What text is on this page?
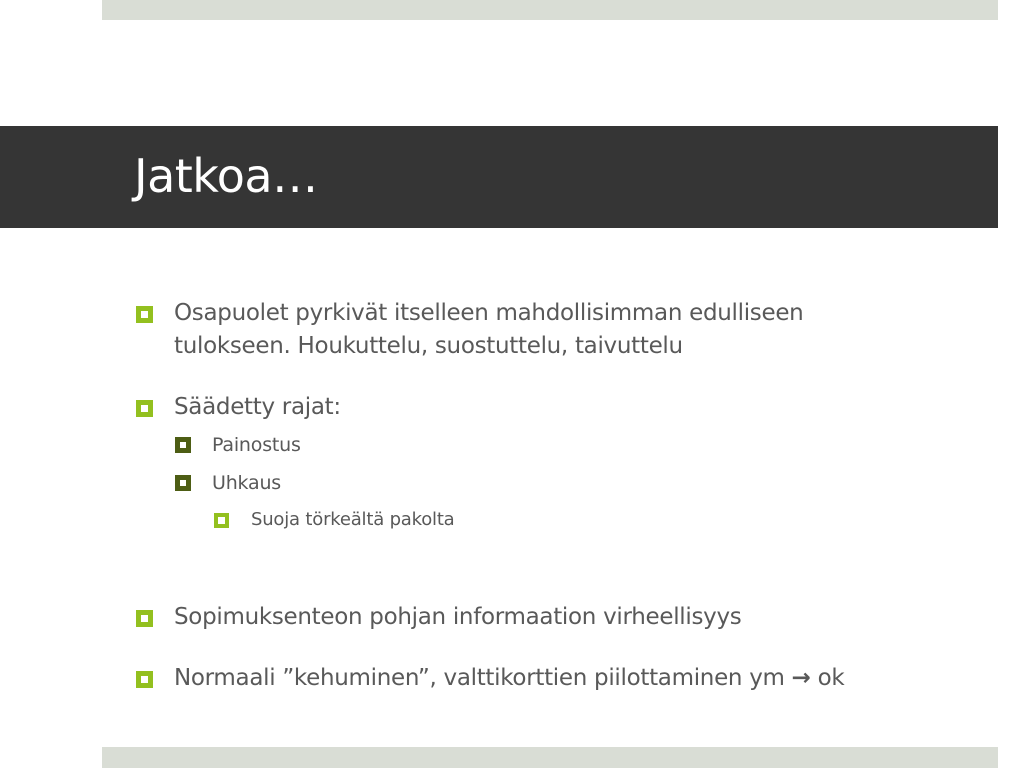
Jatkoa…
Osapuolet pyrkivät itselleen mahdollisimman edulliseen
tulokseen. Houkuttelu, suostuttelu, taivuttelu
Säädetty rajat:
Painostus
Uhkaus
Suoja törkeältä pakolta
Sopimuksenteon pohjan informaation virheellisyys
Normaali ”kehuminen”, valttikorttien piilottaminen ym → ok
